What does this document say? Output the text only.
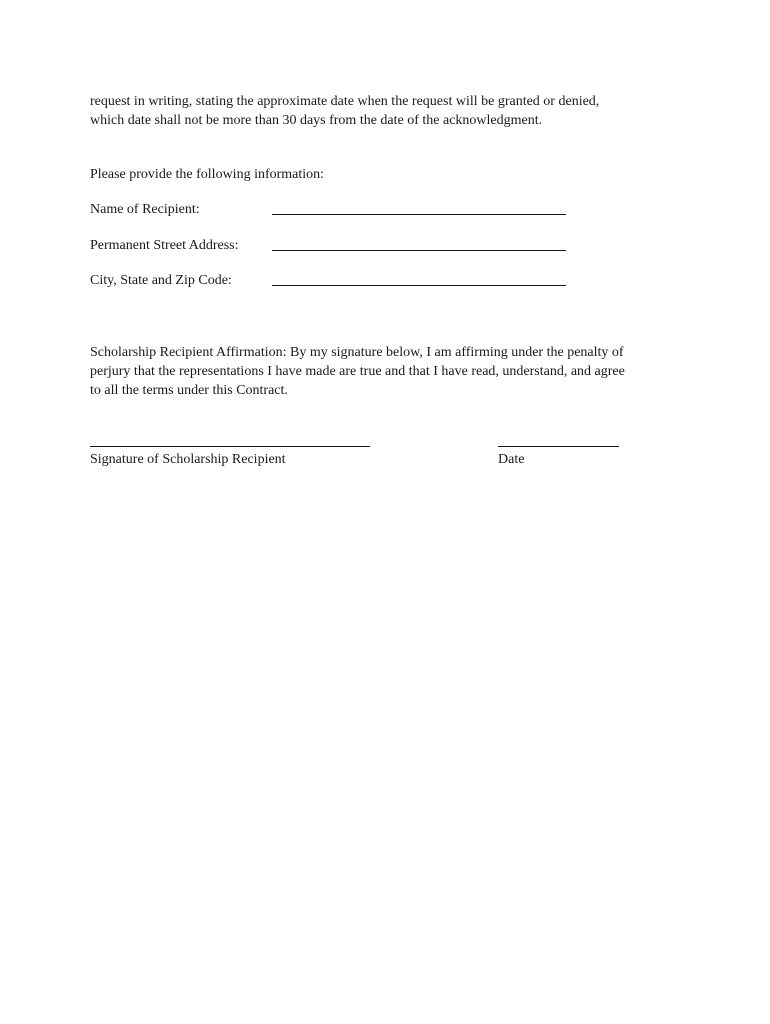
request in writing, stating the approximate date when the request will be granted or denied,
which date shall not be more than 30 days from the date of the acknowledgment.

Please provide the following information:

Name of Recipient:
Permanent Street Address:
City, State and Zip Code:

Scholarship Recipient Affirmation: By my signature below, I am affirming under the penalty of
perjury that the representations I have made are true and that I have read, understand, and agree
to all the terms under this Contract.

Signature of Scholarship Recipient	Date
